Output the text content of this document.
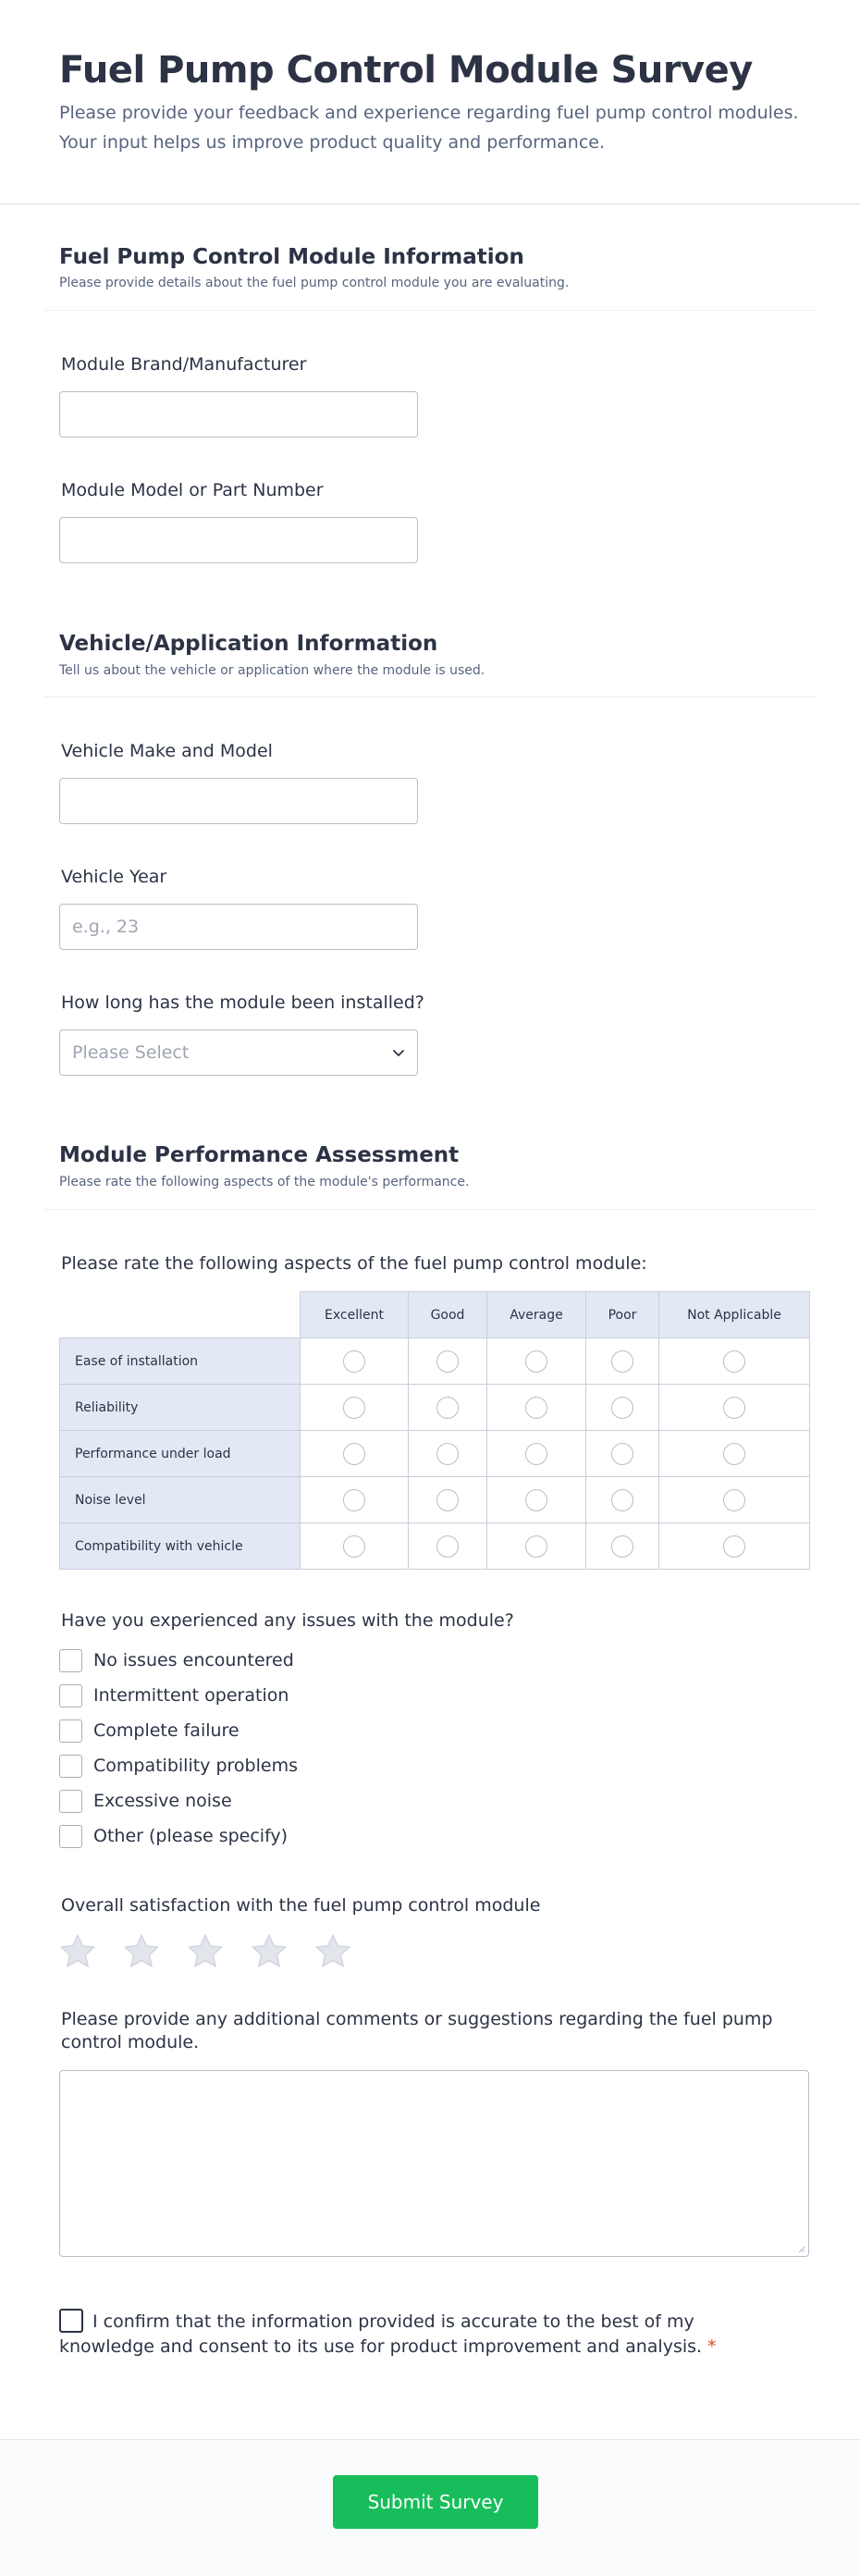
Fuel Pump Control Module Survey

Please provide your feedback and experience regarding fuel pump control modules. Your input helps us improve product quality and performance.

Fuel Pump Control Module Information

Please provide details about the fuel pump control module you are evaluating.

Module Brand/Manufacturer
Module Model or Part Number
Vehicle/Application Information

Tell us about the vehicle or application where the module is used.

Vehicle Make and Model
Vehicle Year
e.g., 23
How long has the module been installed?
Please Select
Module Performance Assessment

Please rate the following aspects of the module's performance.

Please rate the following aspects of the fuel pump control module:
	Excellent	Good	Average	Poor	Not Applicable
Ease of installation					
Reliability					
Performance under load					
Noise level					
Compatibility with vehicle					
Have you experienced any issues with the module?
No issues encountered
Intermittent operation
Complete failure
Compatibility problems
Excessive noise
Other (please specify)
Overall satisfaction with the fuel pump control module
Please provide any additional comments or suggestions regarding the fuel pump control module.
I confirm that the information provided is accurate to the best of my knowledge and consent to its use for product improvement and analysis. *
Submit Survey
